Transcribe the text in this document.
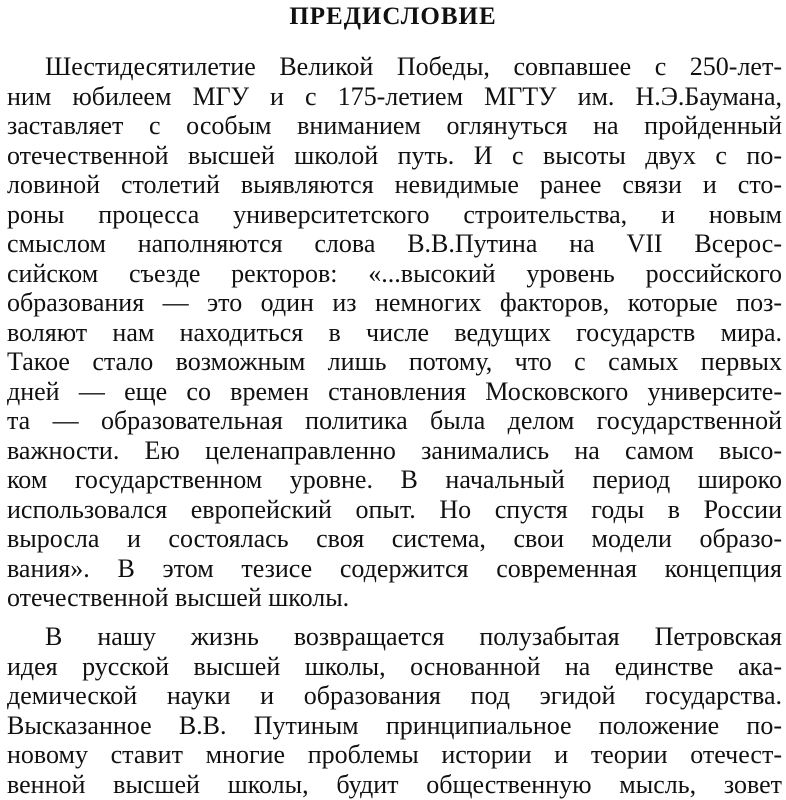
ПРЕДИСЛОВИЕ
Шестидесятилетие Великой Победы, совпавшее с 250-лет-
ним юбилеем МГУ и с 175-летием МГТУ им. Н.Э.Баумана,
заставляет с особым вниманием оглянуться на пройденный
отечественной высшей школой путь. И с высоты двух с по-
ловиной столетий выявляются невидимые ранее связи и сто-
роны процесса университетского строительства, и новым
смыслом наполняются слова В.В.Путина на VII Всерос-
сийском съезде ректоров: «...высокий уровень российского
образования — это один из немногих факторов, которые поз-
воляют нам находиться в числе ведущих государств мира.
Такое стало возможным лишь потому, что с самых первых
дней — еще со времен становления Московского университе-
та — образовательная политика была делом государственной
важности. Ею целенаправленно занимались на самом высо-
ком государственном уровне. В начальный период широко
использовался европейский опыт. Но спустя годы в России
выросла и состоялась своя система, свои модели образо-
вания». В этом тезисе содержится современная концепция
отечественной высшей школы.
В нашу жизнь возвращается полузабытая Петровская
идея русской высшей школы, основанной на единстве ака-
демической науки и образования под эгидой государства.
Высказанное В.В. Путиным принципиальное положение по-
новому ставит многие проблемы истории и теории отечест-
венной высшей школы, будит общественную мысль, зовет
